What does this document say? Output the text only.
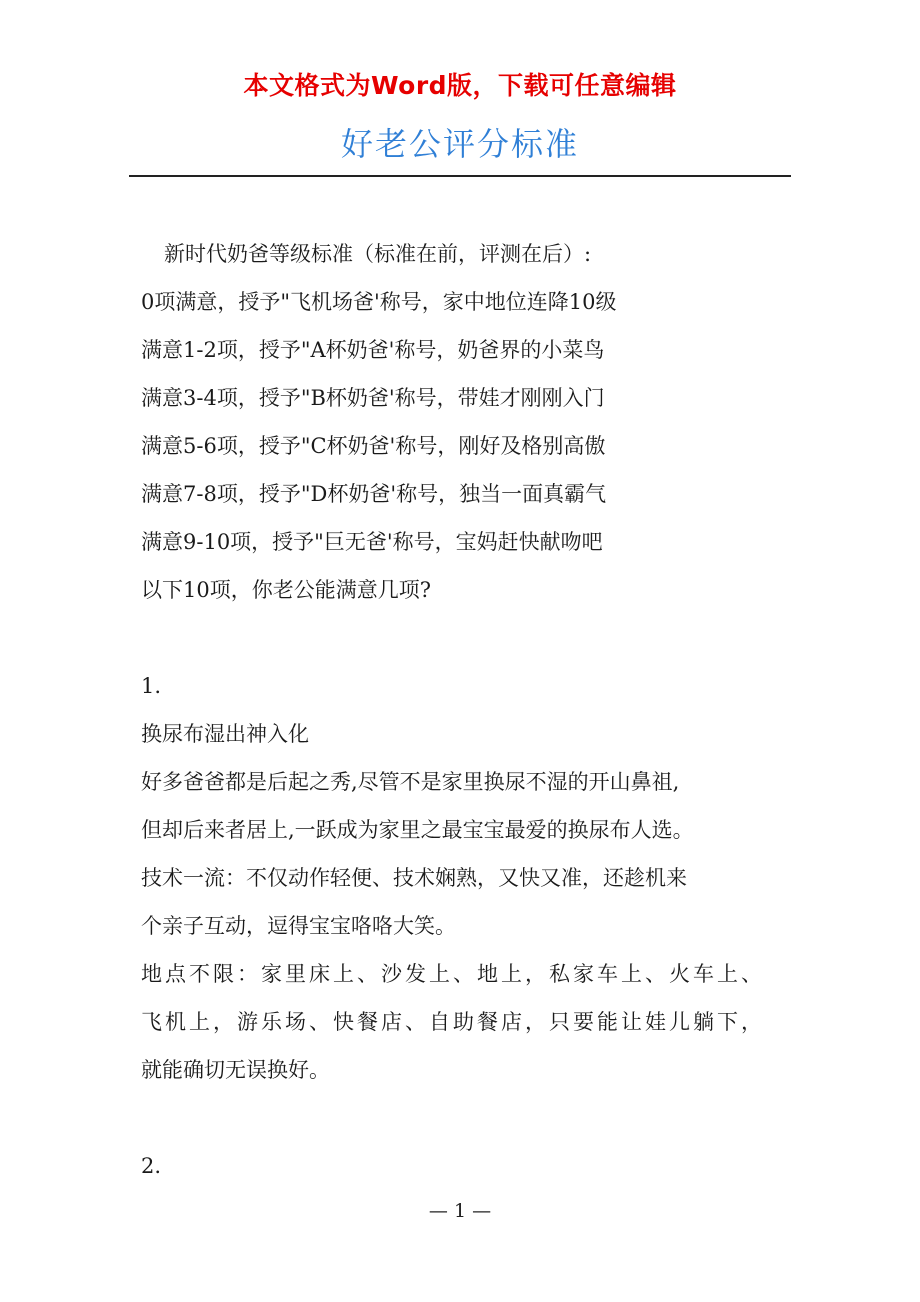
本文格式为Word版，下载可任意编辑
好老公评分标准
新时代奶爸等级标准（标准在前，评测在后）:
0项满意，授予"飞机场爸'称号，家中地位连降10级
满意1-2项，授予"A杯奶爸'称号，奶爸界的小菜鸟
满意3-4项，授予"B杯奶爸'称号，带娃才刚刚入门
满意5-6项，授予"C杯奶爸'称号，刚好及格别高傲
满意7-8项，授予"D杯奶爸'称号，独当一面真霸气
满意9-10项，授予"巨无爸'称号，宝妈赶快献吻吧
以下10项，你老公能满意几项?
1.
换尿布湿出神入化
好多爸爸都是后起之秀,尽管不是家里换尿不湿的开山鼻祖,
但却后来者居上,一跃成为家里之最宝宝最爱的换尿布人选。
技术一流：不仅动作轻便、技术娴熟，又快又准，还趁机来
个亲子互动，逗得宝宝咯咯大笑。
地点不限：家里床上、沙发上、地上，私家车上、火车上、
飞机上，游乐场、快餐店、自助餐店，只要能让娃儿躺下，
就能确切无误换好。
2.
— 1 —
